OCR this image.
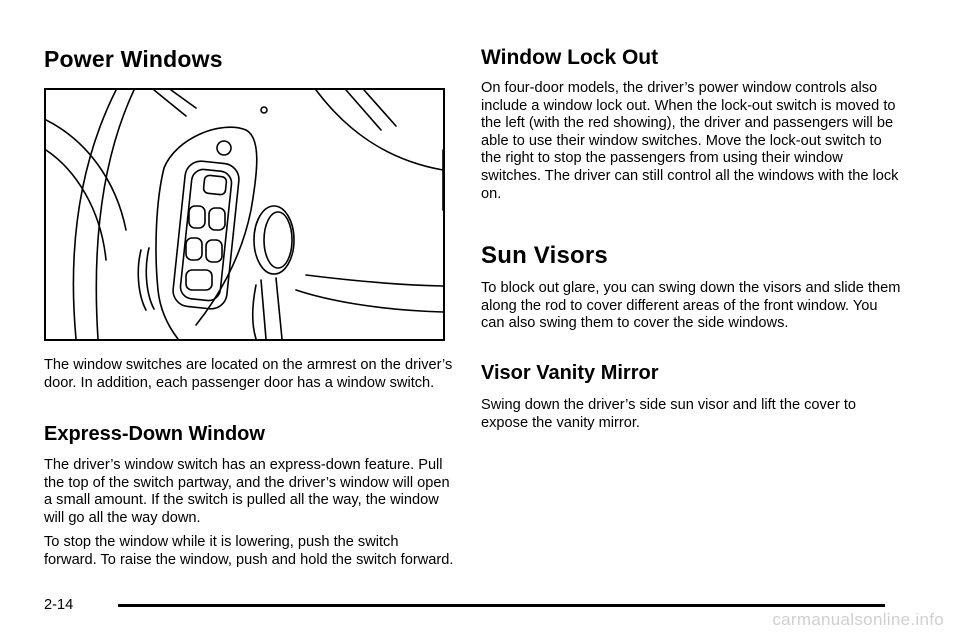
Power Windows

The window switches are located on the armrest on the driver’s door. In addition, each passenger door has a window switch.

Express-Down Window

The driver’s window switch has an express-down feature. Pull the top of the switch partway, and the driver’s window will open a small amount. If the switch is pulled all the way, the window will go all the way down.

To stop the window while it is lowering, push the switch forward. To raise the window, push and hold the switch forward.

Window Lock Out

On four-door models, the driver’s power window controls also include a window lock out. When the lock-out switch is moved to the left (with the red showing), the driver and passengers will be able to use their window switches. Move the lock-out switch to the right to stop the passengers from using their window switches. The driver can still control all the windows with the lock on.

Sun Visors

To block out glare, you can swing down the visors and slide them along the rod to cover different areas of the front window. You can also swing them to cover the side windows.

Visor Vanity Mirror

Swing down the driver’s side sun visor and lift the cover to expose the vanity mirror.

2-14
carmanualsonline.info
